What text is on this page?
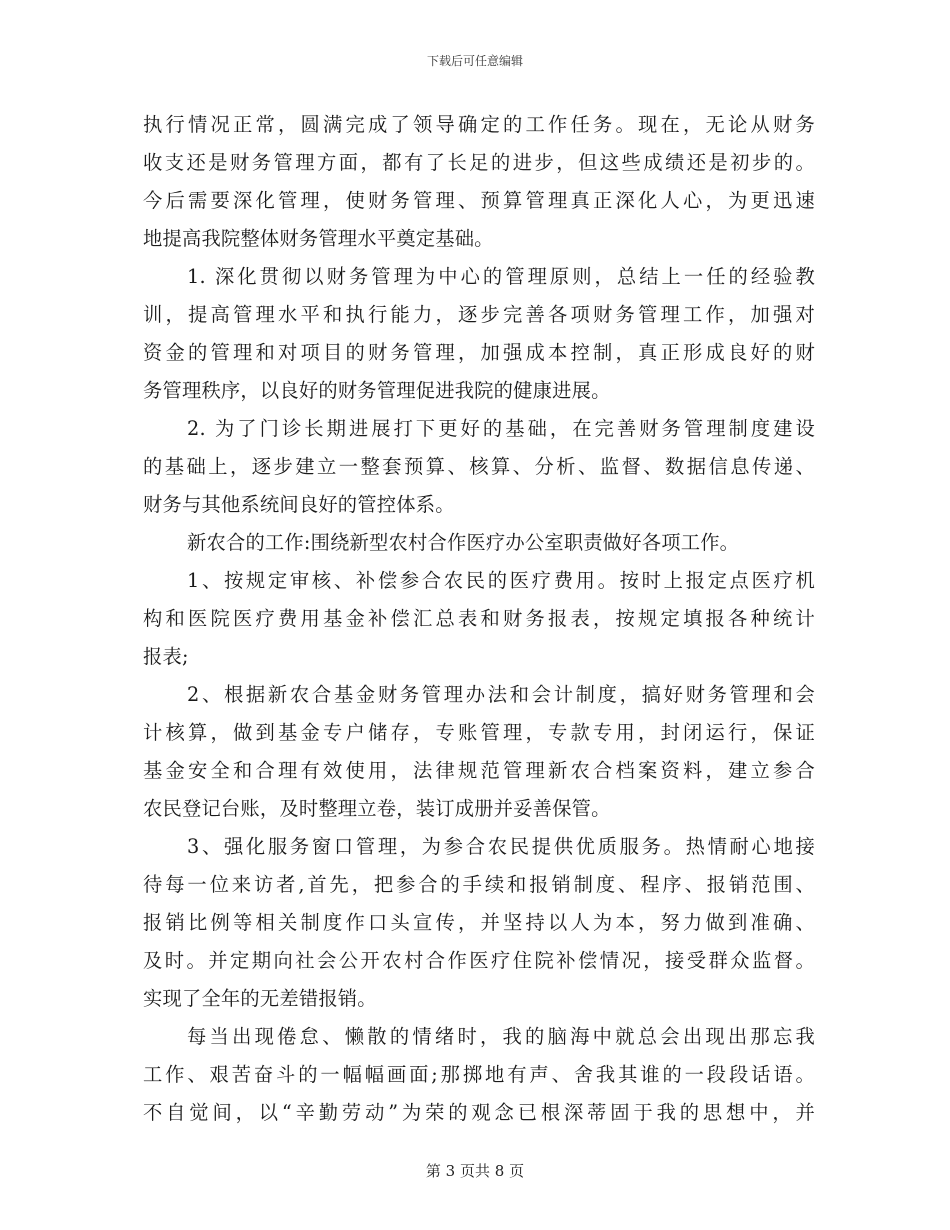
下载后可任意编辑
执行情况正常，圆满完成了领导确定的工作任务。现在，无论从财务
收支还是财务管理方面，都有了长足的进步，但这些成绩还是初步的。
今后需要深化管理，使财务管理、预算管理真正深化人心，为更迅速
地提高我院整体财务管理水平奠定基础。
1. 深化贯彻以财务管理为中心的管理原则，总结上一任的经验教
训，提高管理水平和执行能力，逐步完善各项财务管理工作，加强对
资金的管理和对项目的财务管理，加强成本控制，真正形成良好的财
务管理秩序，以良好的财务管理促进我院的健康进展。
2. 为了门诊长期进展打下更好的基础，在完善财务管理制度建设
的基础上，逐步建立一整套预算、核算、分析、监督、数据信息传递、
财务与其他系统间良好的管控体系。
新农合的工作:围绕新型农村合作医疗办公室职责做好各项工作。
1、按规定审核、补偿参合农民的医疗费用。按时上报定点医疗机
构和医院医疗费用基金补偿汇总表和财务报表，按规定填报各种统计
报表;
2、根据新农合基金财务管理办法和会计制度，搞好财务管理和会
计核算，做到基金专户储存，专账管理，专款专用，封闭运行，保证
基金安全和合理有效使用，法律规范管理新农合档案资料，建立参合
农民登记台账，及时整理立卷，装订成册并妥善保管。
3、强化服务窗口管理，为参合农民提供优质服务。热情耐心地接
待每一位来访者,首先，把参合的手续和报销制度、程序、报销范围、
报销比例等相关制度作口头宣传，并坚持以人为本，努力做到准确、
及时。并定期向社会公开农村合作医疗住院补偿情况，接受群众监督。
实现了全年的无差错报销。
每当出现倦怠、懒散的情绪时，我的脑海中就总会出现出那忘我
工作、艰苦奋斗的一幅幅画面;那掷地有声、舍我其谁的一段段话语。
不自觉间，以“辛勤劳动”为荣的观念已根深蒂固于我的思想中，并
第 3 页共 8 页
